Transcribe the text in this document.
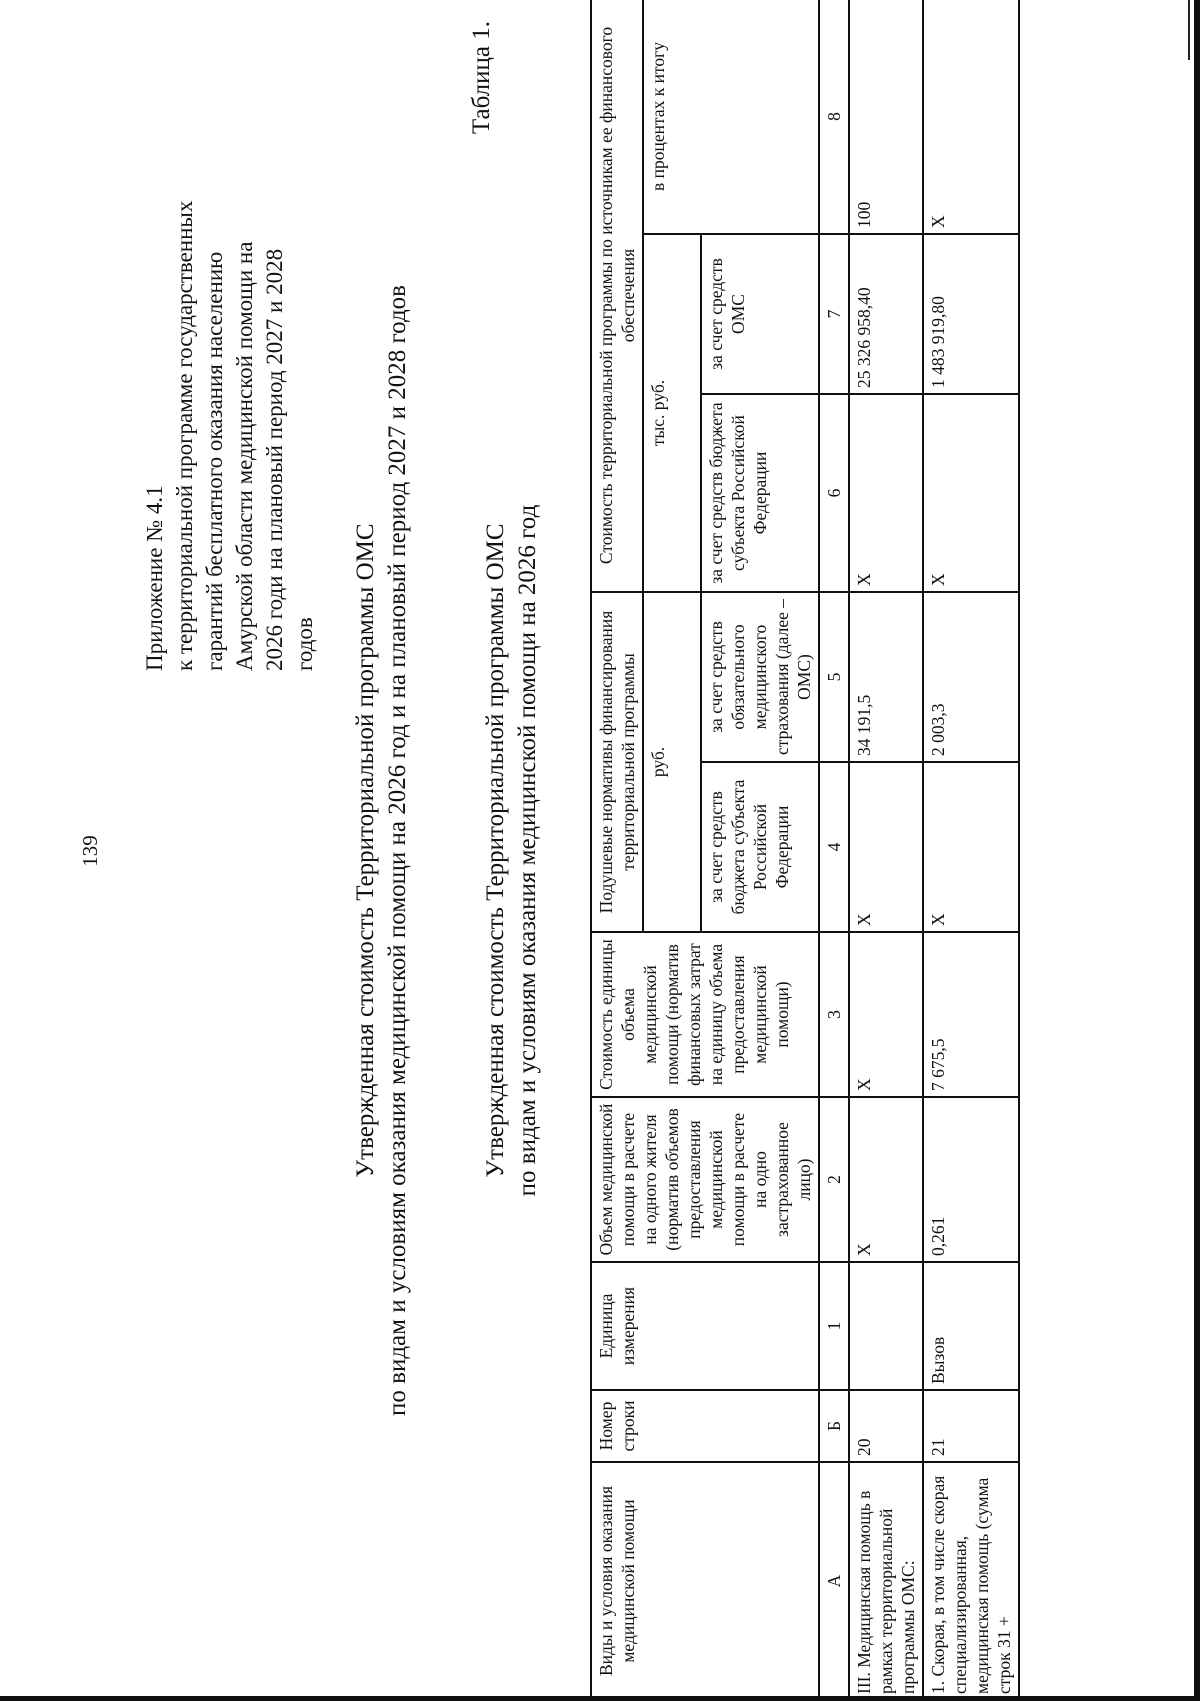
139
Приложение № 4.1 к территориальной программе государственных гарантий бесплатного оказания населению Амурской области медицинской помощи на 2026 годи на плановый период 2027 и 2028 годов Утвержденная стоимость Территориальной программы ОМС по видам и условиям оказания медицинской помощи на 2026 год и на плановый период 2027 и 2028 годов
Таблица 1.
Утвержденная стоимость Территориальной программы ОМС по видам и условиям оказания медицинской помощи на 2026 год
Виды и условия оказания медицинской помощи	Номер строки	Единица измерения	Объем медицинской помощи в расчете на одного жителя (норматив объемов предоставления медицинской помощи в расчете на одно застрахованное лицо)	Стоимость единицы объема медицинской помощи (норматив финансовых затрат на единицу объема предоставления медицинской помощи)	Подушевые нормативы финансирования территориальной программы		Стоимость территориальной программы по источникам ее финансового обеспечения		
					руб.		тыс. руб.		в процентах к итогу
					за счет средств бюджета субъекта Российской Федерации	за счет средств обязательного медицинского страхования (далее – ОМС)	за счет средств бюджета субъекта Российской Федерации	за счет средств ОМС	
А	Б	1	2	3	4	5	6	7	8
III. Медицинская помощь в рамках территориальной программы ОМС:	20		X	X	X	34 191,5	X	25 326 958,40	100
1. Скорая, в том числе скорая специализированная, медицинская помощь (сумма строк 31 +	21	Вызов	0,261	7 675,5	X	2 003,3	X	1 483 919,80	X
